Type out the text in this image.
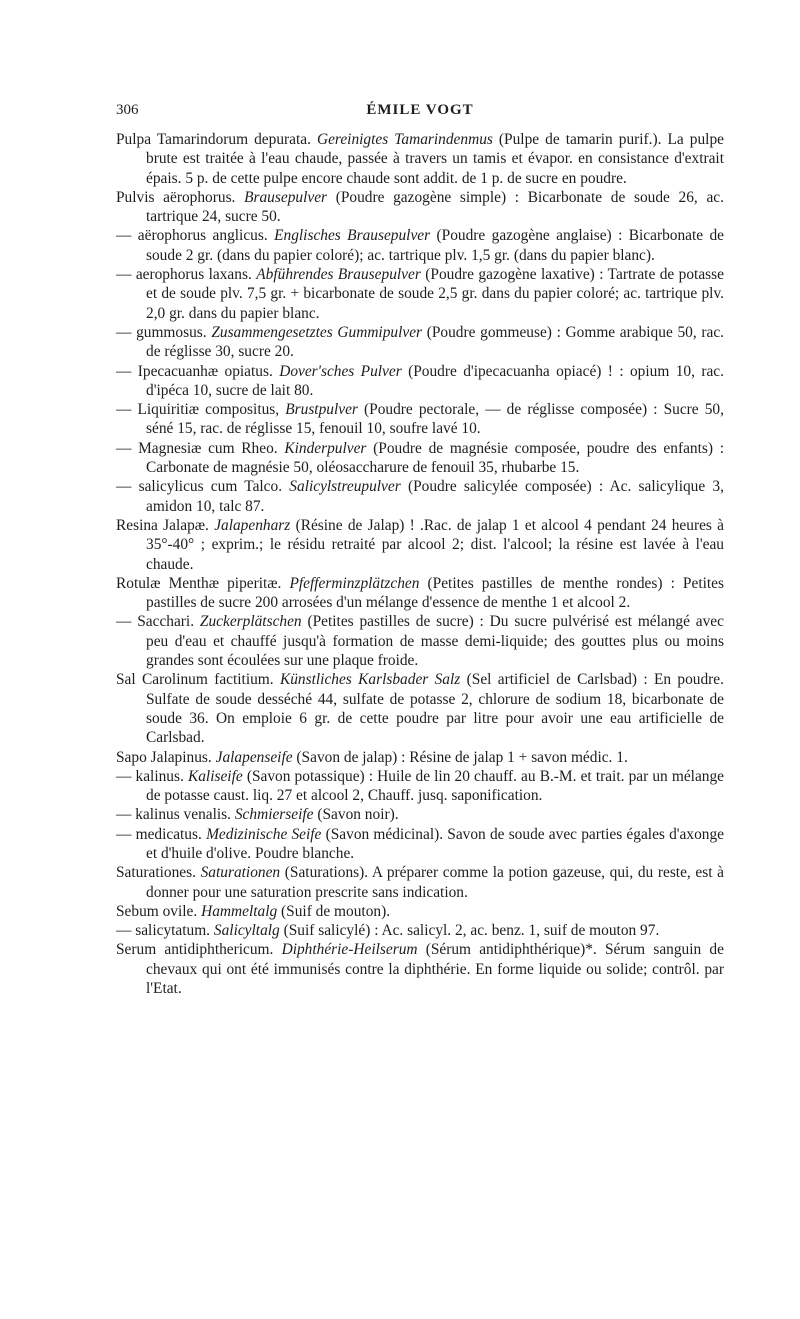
306	ÉMILE VOGT

Pulpa Tamarindorum depurata. Gereinigtes Tamarindenmus (Pulpe de tamarin purif.). La pulpe brute est traitée à l'eau chaude, passée à travers un tamis et évapor. en consistance d'extrait épais. 5 p. de cette pulpe encore chaude sont addit. de 1 p. de sucre en poudre.

Pulvis aërophorus. Brausepulver (Poudre gazogène simple) : Bicarbonate de soude 26, ac. tartrique 24, sucre 50.

— aërophorus anglicus. Englisches Brausepulver (Poudre gazogène anglaise) : Bicarbonate de soude 2 gr. (dans du papier coloré); ac. tartrique plv. 1,5 gr. (dans du papier blanc).

— aerophorus laxans. Abführendes Brausepulver (Poudre gazogène laxative) : Tartrate de potasse et de soude plv. 7,5 gr. + bicarbonate de soude 2,5 gr. dans du papier coloré; ac. tartrique plv. 2,0 gr. dans du papier blanc.

— gummosus. Zusammengesetztes Gummipulver (Poudre gommeuse) : Gomme arabique 50, rac. de réglisse 30, sucre 20.

— Ipecacuanhæ opiatus. Dover'sches Pulver (Poudre d'ipecacuanha opiacé) ! : opium 10, rac. d'ipéca 10, sucre de lait 80.

— Liquiritiæ compositus, Brustpulver (Poudre pectorale, — de réglisse composée) : Sucre 50, séné 15, rac. de réglisse 15, fenouil 10, soufre lavé 10.

— Magnesiæ cum Rheo. Kinderpulver (Poudre de magnésie composée, poudre des enfants) : Carbonate de magnésie 50, oléosaccharure de fenouil 35, rhubarbe 15.

— salicylicus cum Talco. Salicylstreupulver (Poudre salicylée composée) : Ac. salicylique 3, amidon 10, talc 87.

Resina Jalapæ. Jalapenharz (Résine de Jalap) ! .Rac. de jalap 1 et alcool 4 pendant 24 heures à 35°-40° ; exprim.; le résidu retraité par alcool 2; dist. l'alcool; la résine est lavée à l'eau chaude.

Rotulæ Menthæ piperitæ. Pfefferminzplätzchen (Petites pastilles de menthe rondes) : Petites pastilles de sucre 200 arrosées d'un mélange d'essence de menthe 1 et alcool 2.

— Sacchari. Zuckerplätschen (Petites pastilles de sucre) : Du sucre pulvérisé est mélangé avec peu d'eau et chauffé jusqu'à formation de masse demi-liquide; des gouttes plus ou moins grandes sont écoulées sur une plaque froide.

Sal Carolinum factitium. Künstliches Karlsbader Salz (Sel artificiel de Carlsbad) : En poudre. Sulfate de soude desséché 44, sulfate de potasse 2, chlorure de sodium 18, bicarbonate de soude 36. On emploie 6 gr. de cette poudre par litre pour avoir une eau artificielle de Carlsbad.

Sapo Jalapinus. Jalapenseife (Savon de jalap) : Résine de jalap 1 + savon médic. 1.

— kalinus. Kaliseife (Savon potassique) : Huile de lin 20 chauff. au B.-M. et trait. par un mélange de potasse caust. liq. 27 et alcool 2, Chauff. jusq. saponification.

— kalinus venalis. Schmierseife (Savon noir).

— medicatus. Medizinische Seife (Savon médicinal). Savon de soude avec parties égales d'axonge et d'huile d'olive. Poudre blanche.

Saturationes. Saturationen (Saturations). A préparer comme la potion gazeuse, qui, du reste, est à donner pour une saturation prescrite sans indication.

Sebum ovile. Hammeltalg (Suif de mouton).

— salicytatum. Salicyltalg (Suif salicylé) : Ac. salicyl. 2, ac. benz. 1, suif de mouton 97.

Serum antidiphthericum. Diphthérie-Heilserum (Sérum antidiphthérique)*. Sérum sanguin de chevaux qui ont été immunisés contre la diphthérie. En forme liquide ou solide; contrôl. par l'Etat.
